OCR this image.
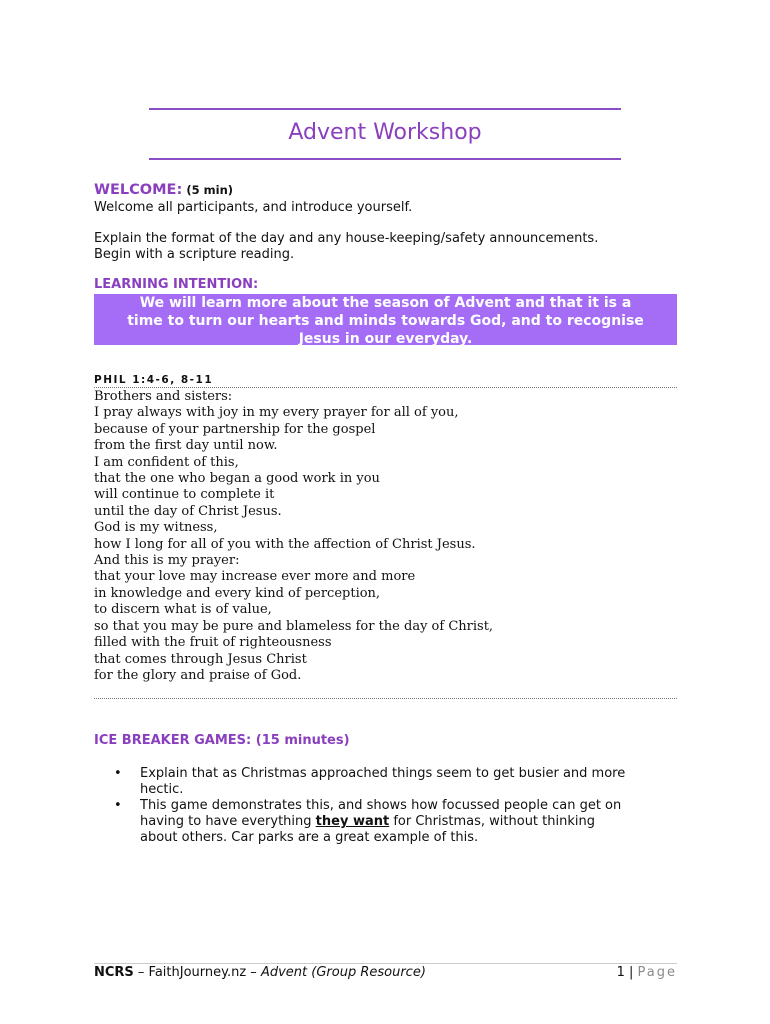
Advent Workshop
WELCOME: (5 min)
Welcome all participants, and introduce yourself.
Explain the format of the day and any house-keeping/safety announcements.
Begin with a scripture reading.
LEARNING INTENTION:
We will learn more about the season of Advent and that it is a
time to turn our hearts and minds towards God, and to recognise
Jesus in our everyday.
PHIL 1:4-6, 8-11
Brothers and sisters:
I pray always with joy in my every prayer for all of you,
because of your partnership for the gospel
from the first day until now.
I am confident of this,
that the one who began a good work in you
will continue to complete it
until the day of Christ Jesus.
God is my witness,
how I long for all of you with the affection of Christ Jesus.
And this is my prayer:
that your love may increase ever more and more
in knowledge and every kind of perception,
to discern what is of value,
so that you may be pure and blameless for the day of Christ,
filled with the fruit of righteousness
that comes through Jesus Christ
for the glory and praise of God.
ICE BREAKER GAMES: (15 minutes)
• Explain that as Christmas approached things seem to get busier and more
hectic.
• This game demonstrates this, and shows how focussed people can get on
having to have everything they want for Christmas, without thinking
about others. Car parks are a great example of this.
NCRS – FaithJourney.nz – Advent (Group Resource)	1 | Page
